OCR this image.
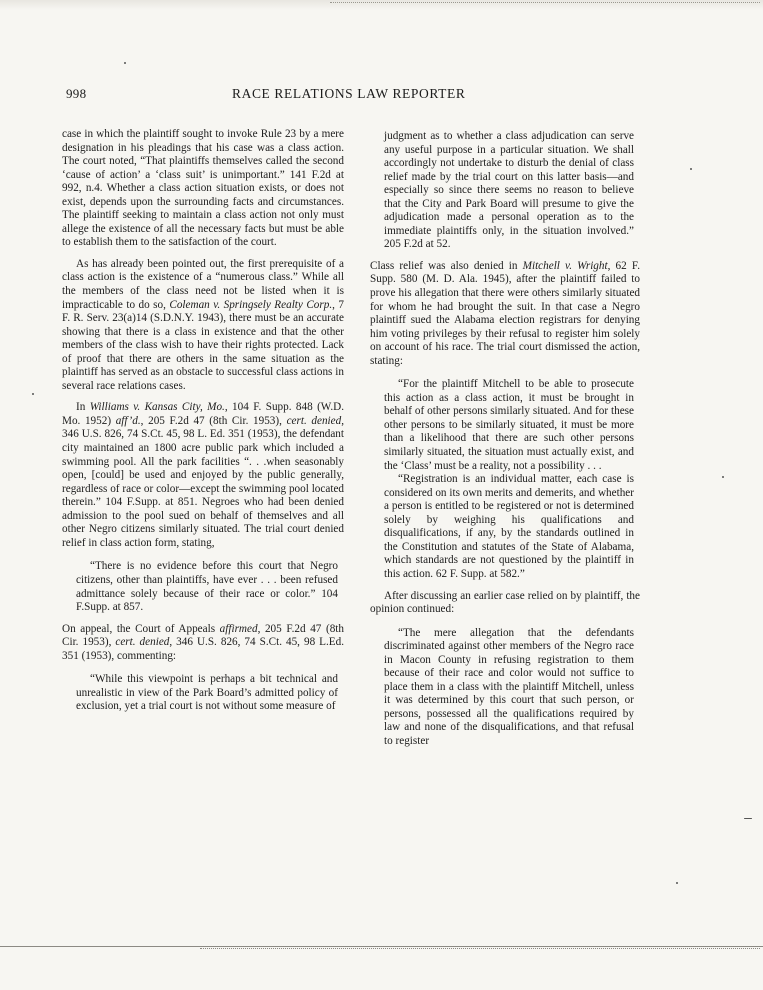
998	RACE RELATIONS LAW REPORTER

case in which the plaintiff sought to invoke Rule 23 by a mere designation in his pleadings that his case was a class action. The court noted, “That plaintiffs themselves called the second ‘cause of action’ a ‘class suit’ is unimportant.” 141 F.2d at 992, n.4. Whether a class action situation exists, or does not exist, depends upon the surrounding facts and circumstances. The plaintiff seeking to maintain a class action not only must allege the existence of all the necessary facts but must be able to establish them to the satisfaction of the court.

As has already been pointed out, the first prerequisite of a class action is the existence of a “numerous class.” While all the members of the class need not be listed when it is impracticable to do so, Coleman v. Springsely Realty Corp., 7 F. R. Serv. 23(a)14 (S.D.N.Y. 1943), there must be an accurate showing that there is a class in existence and that the other members of the class wish to have their rights protected. Lack of proof that there are others in the same situation as the plaintiff has served as an obstacle to successful class actions in several race relations cases.

In Williams v. Kansas City, Mo., 104 F. Supp. 848 (W.D. Mo. 1952) aff’d., 205 F.2d 47 (8th Cir. 1953), cert. denied, 346 U.S. 826, 74 S.Ct. 45, 98 L. Ed. 351 (1953), the defendant city maintained an 1800 acre public park which included a swimming pool. All the park facilities “. . .when seasonably open, [could] be used and enjoyed by the public generally, regardless of race or color—except the swimming pool located therein.” 104 F.Supp. at 851. Negroes who had been denied admission to the pool sued on behalf of themselves and all other Negro citizens similarly situated. The trial court denied relief in class action form, stating,

“There is no evidence before this court that Negro citizens, other than plaintiffs, have ever . . . been refused admittance solely because of their race or color.” 104 F.Supp. at 857.

On appeal, the Court of Appeals affirmed, 205 F.2d 47 (8th Cir. 1953), cert. denied, 346 U.S. 826, 74 S.Ct. 45, 98 L.Ed. 351 (1953), commenting:

“While this viewpoint is perhaps a bit technical and unrealistic in view of the Park Board’s admitted policy of exclusion, yet a trial court is not without some measure of

judgment as to whether a class adjudication can serve any useful purpose in a particular situation. We shall accordingly not undertake to disturb the denial of class relief made by the trial court on this latter basis—and especially so since there seems no reason to believe that the City and Park Board will presume to give the adjudication made a personal operation as to the immediate plaintiffs only, in the situation involved.” 205 F.2d at 52.

Class relief was also denied in Mitchell v. Wright, 62 F. Supp. 580 (M. D. Ala. 1945), after the plaintiff failed to prove his allegation that there were others similarly situated for whom he had brought the suit. In that case a Negro plaintiff sued the Alabama election registrars for denying him voting privileges by their refusal to register him solely on account of his race. The trial court dismissed the action, stating:

“For the plaintiff Mitchell to be able to prosecute this action as a class action, it must be brought in behalf of other persons similarly situated. And for these other persons to be similarly situated, it must be more than a likelihood that there are such other persons similarly situated, the situation must actually exist, and the ‘Class’ must be a reality, not a possibility . . .

“Registration is an individual matter, each case is considered on its own merits and demerits, and whether a person is entitled to be registered or not is determined solely by weighing his qualifications and disqualifications, if any, by the standards outlined in the Constitution and statutes of the State of Alabama, which standards are not questioned by the plaintiff in this action. 62 F. Supp. at 582.”

After discussing an earlier case relied on by plaintiff, the opinion continued:

“The mere allegation that the defendants discriminated against other members of the Negro race in Macon County in refusing registration to them because of their race and color would not suffice to place them in a class with the plaintiff Mitchell, unless it was determined by this court that such person, or persons, possessed all the qualifications required by law and none of the disqualifications, and that refusal to register
